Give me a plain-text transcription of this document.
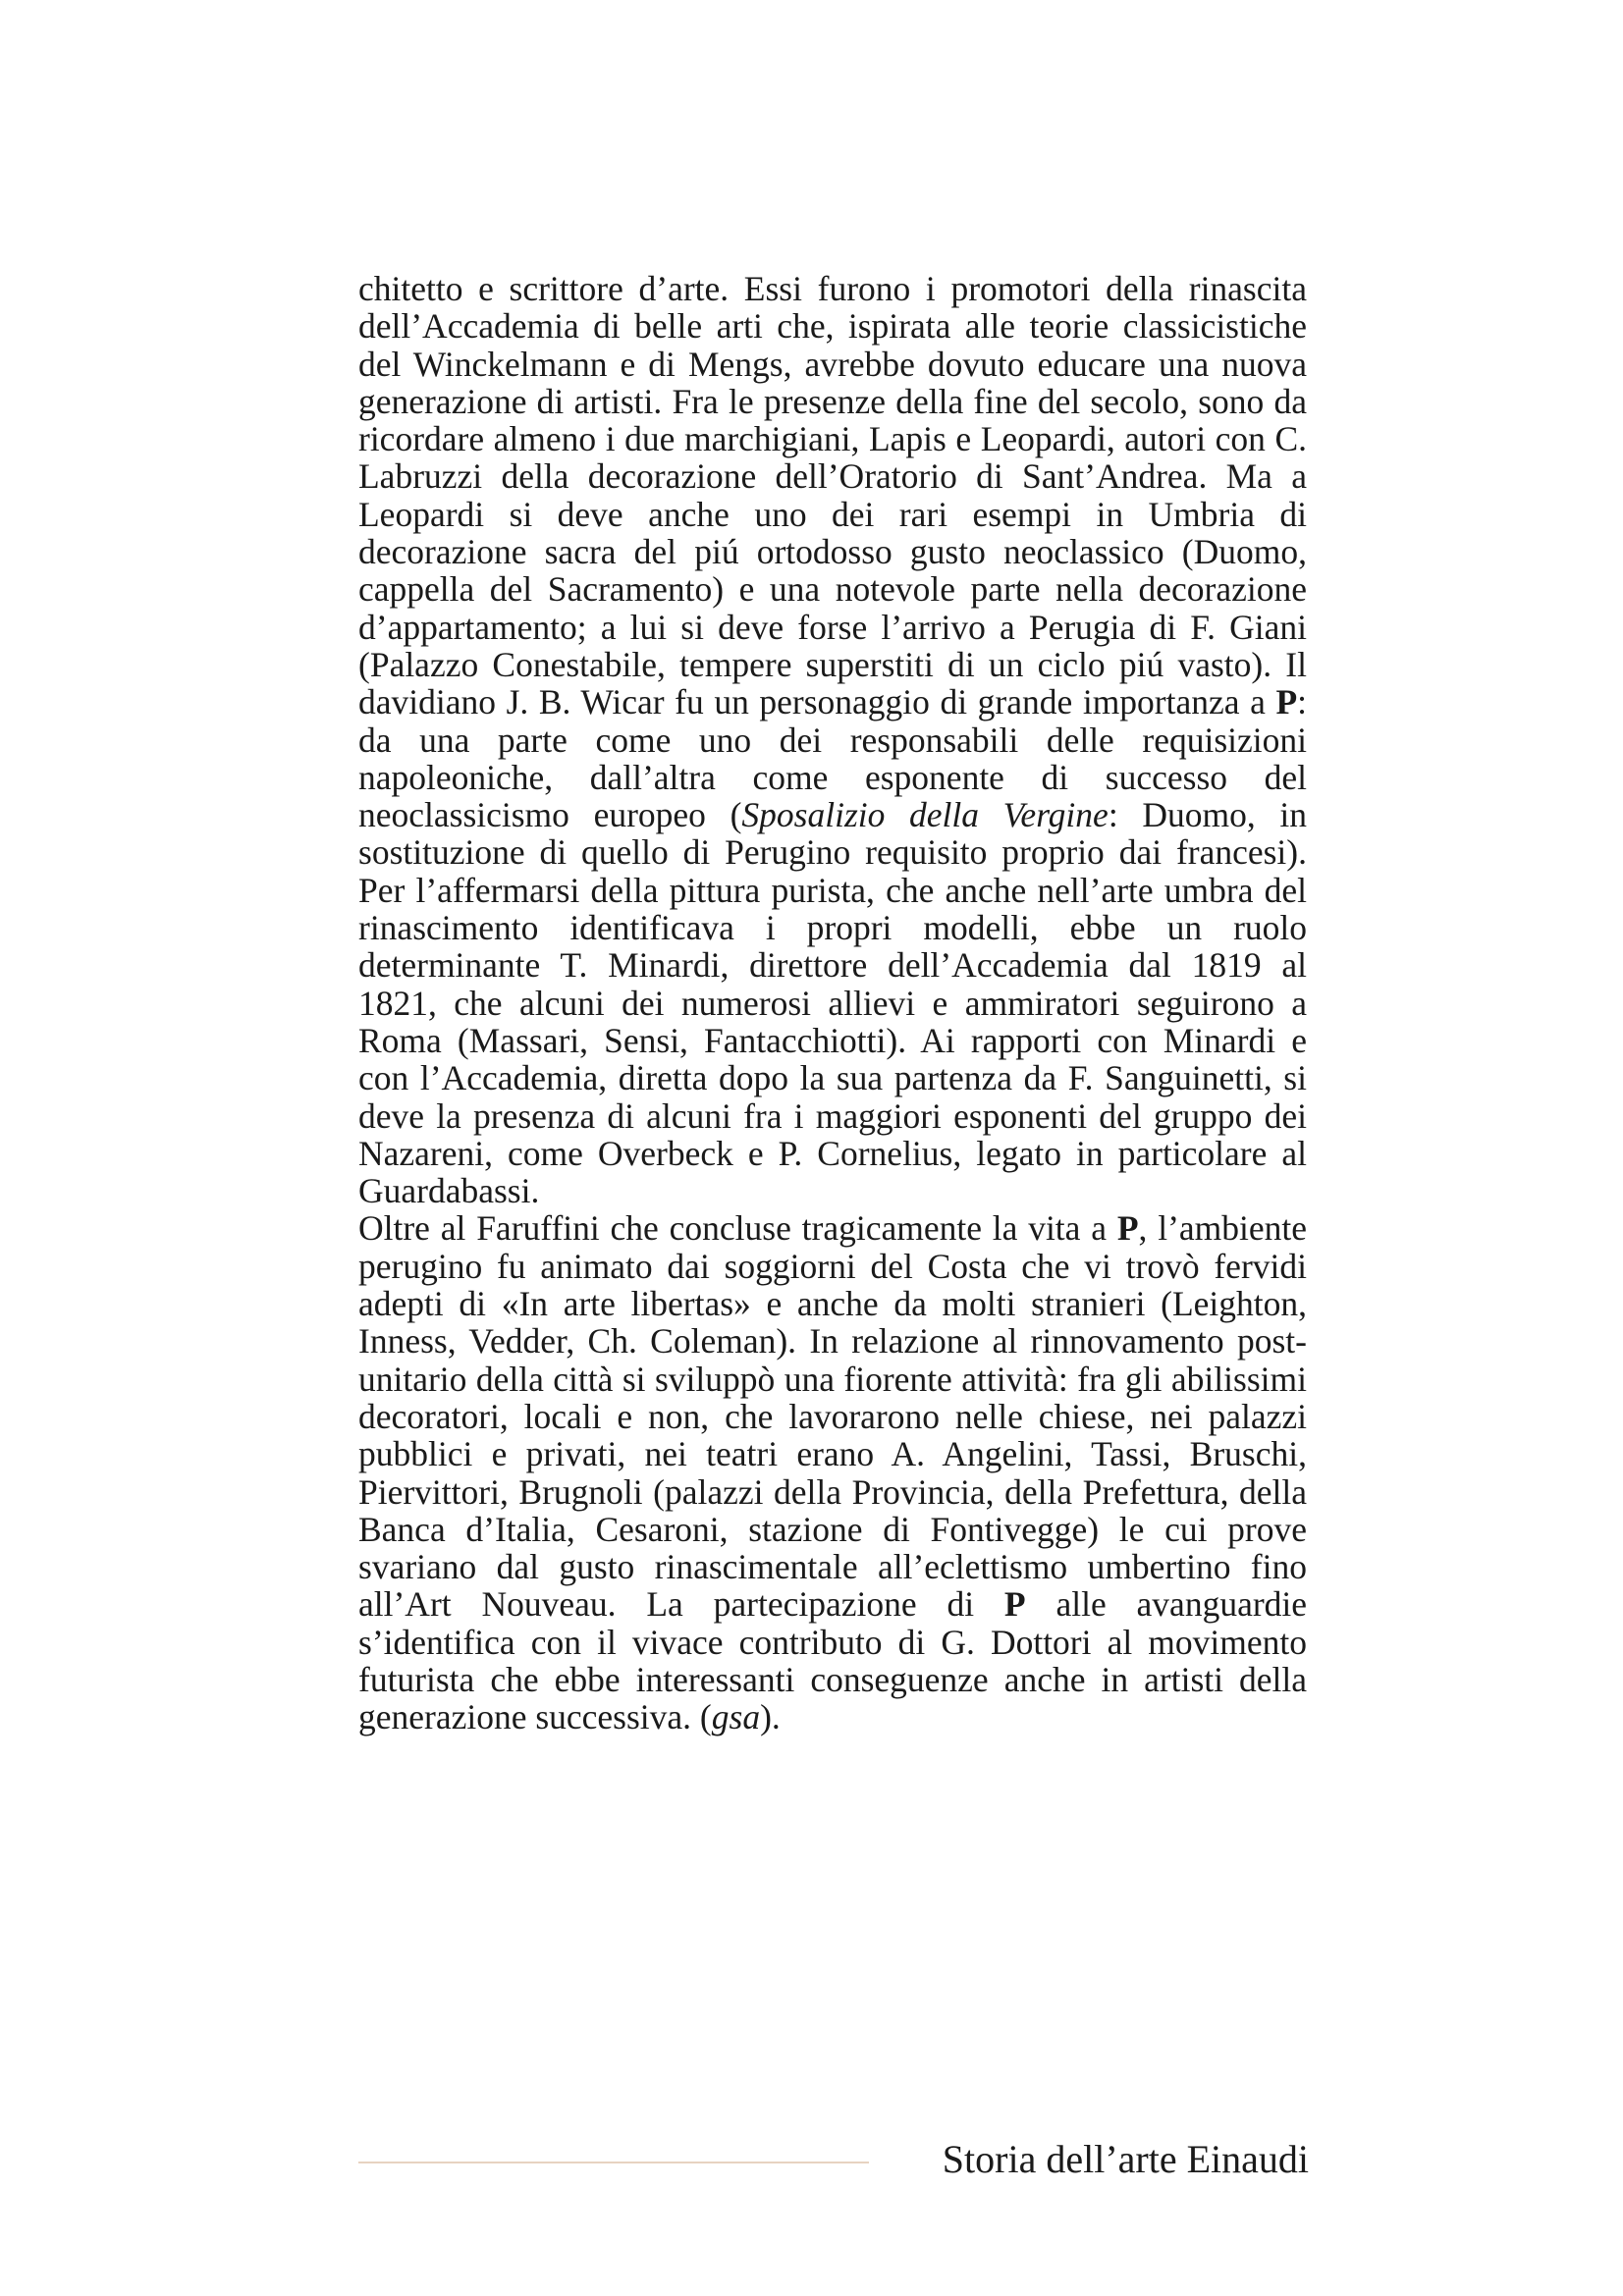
chitetto e scrittore d’arte. Essi furono i promotori della rinascita dell’Accademia di belle arti che, ispirata alle teorie classicistiche del Winckelmann e di Mengs, avrebbe dovuto educare una nuova generazione di artisti. Fra le presenze della fine del secolo, sono da ricordare almeno i due marchigiani, Lapis e Leopardi, autori con C. Labruzzi della decorazione dell’Oratorio di Sant’Andrea. Ma a Leopardi si deve anche uno dei rari esempi in Umbria di decorazione sacra del piú ortodosso gusto neoclassico (Duomo, cappella del Sacramento) e una notevole parte nella decorazione d’appartamento; a lui si deve forse l’arrivo a Perugia di F. Giani (Palazzo Conestabile, tempere superstiti di un ciclo piú vasto). Il davidiano J. B. Wicar fu un personaggio di grande importanza a P: da una parte come uno dei responsabili delle requisizioni napoleoniche, dall’altra come esponente di successo del neoclassicismo europeo (Sposalizio della Vergine: Duomo, in sostituzione di quello di Perugino requisito proprio dai francesi). Per l’affermarsi della pittura purista, che anche nell’arte umbra del rinascimento identificava i propri modelli, ebbe un ruolo determinante T. Minardi, direttore dell’Accademia dal 1819 al 1821, che alcuni dei numerosi allievi e ammiratori seguirono a Roma (Massari, Sensi, Fantacchiotti). Ai rapporti con Minardi e con l’Accademia, diretta dopo la sua partenza da F. Sanguinetti, si deve la presenza di alcuni fra i maggiori esponenti del gruppo dei Nazareni, come Overbeck e P. Cornelius, legato in particolare al Guardabassi.

Oltre al Faruffini che concluse tragicamente la vita a P, l’ambiente perugino fu animato dai soggiorni del Costa che vi trovò fervidi adepti di «In arte libertas» e anche da molti stranieri (Leighton, Inness, Vedder, Ch. Coleman). In relazione al rinnovamento post-unitario della città si sviluppò una fiorente attività: fra gli abilissimi decoratori, locali e non, che lavorarono nelle chiese, nei palazzi pubblici e privati, nei teatri erano A. Angelini, Tassi, Bruschi, Piervittori, Brugnoli (palazzi della Provincia, della Prefettura, della Banca d’Italia, Cesaroni, stazione di Fontivegge) le cui prove svariano dal gusto rinascimentale all’eclettismo umbertino fino all’Art Nouveau. La partecipazione di P alle avanguardie s’identifica con il vivace contributo di G. Dottori al movimento futurista che ebbe interessanti conseguenze anche in artisti della generazione successiva. (gsa).

Storia dell’arte Einaudi
